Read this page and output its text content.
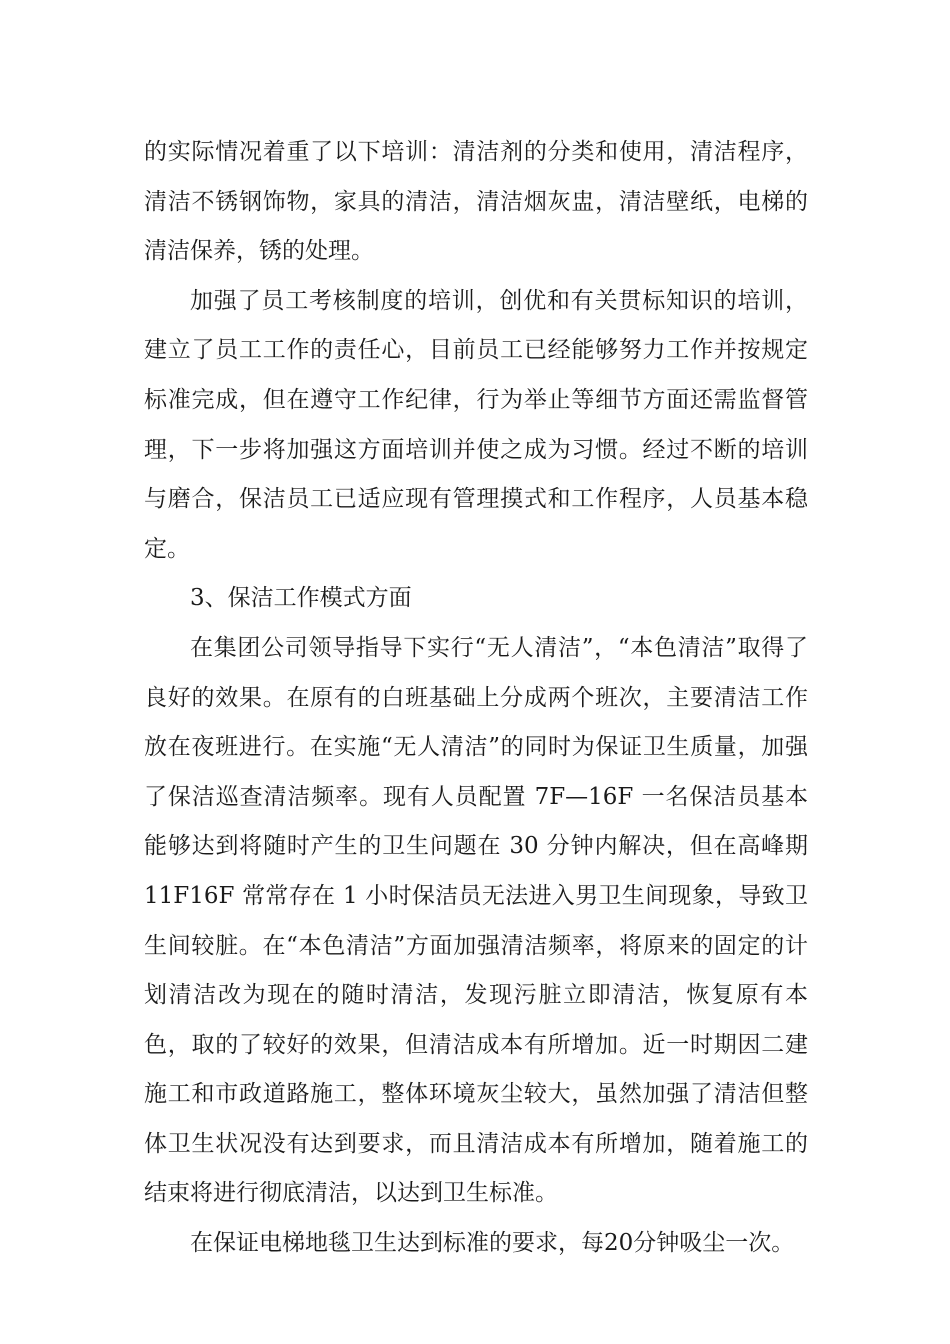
的实际情况着重了以下培训：清洁剂的分类和使用，清洁程序，清洁不锈钢饰物，家具的清洁，清洁烟灰盅，清洁壁纸，电梯的清洁保养，锈的处理。

加强了员工考核制度的培训，创优和有关贯标知识的培训，建立了员工工作的责任心，目前员工已经能够努力工作并按规定标准完成，但在遵守工作纪律，行为举止等细节方面还需监督管理，下一步将加强这方面培训并使之成为习惯。经过不断的培训与磨合，保洁员工已适应现有管理摸式和工作程序，人员基本稳定。

3、保洁工作模式方面

在集团公司领导指导下实行“无人清洁”，“本色清洁”取得了良好的效果。在原有的白班基础上分成两个班次，主要清洁工作放在夜班进行。在实施“无人清洁”的同时为保证卫生质量，加强了保洁巡查清洁频率。现有人员配置 7F—16F 一名保洁员基本能够达到将随时产生的卫生问题在 30 分钟内解决，但在高峰期 11F16F 常常存在 1 小时保洁员无法进入男卫生间现象，导致卫生间较脏。在“本色清洁”方面加强清洁频率，将原来的固定的计划清洁改为现在的随时清洁，发现污脏立即清洁，恢复原有本色，取的了较好的效果，但清洁成本有所增加。近一时期因二建施工和市政道路施工，整体环境灰尘较大，虽然加强了清洁但整体卫生状况没有达到要求，而且清洁成本有所增加，随着施工的结束将进行彻底清洁，以达到卫生标准。

在保证电梯地毯卫生达到标准的要求，每20分钟吸尘一次。
